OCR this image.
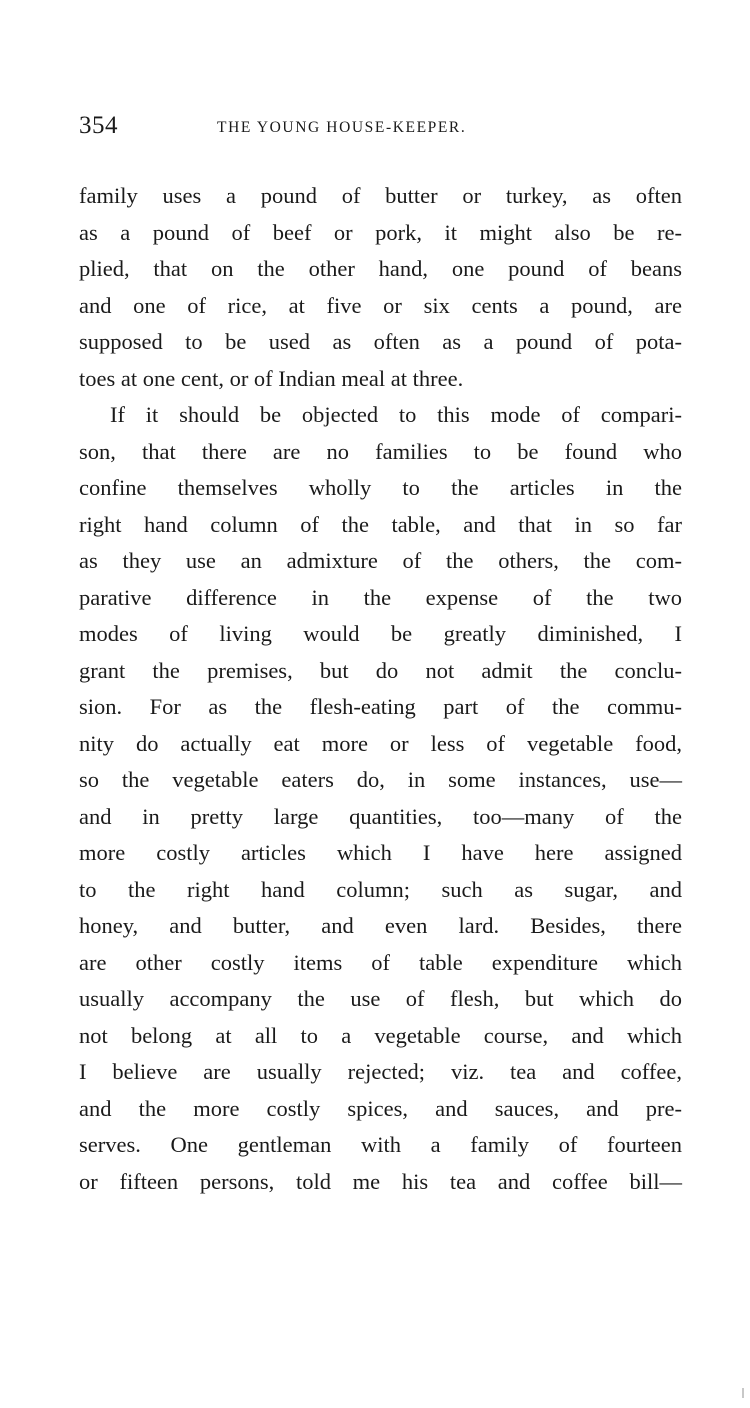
354	THE YOUNG HOUSE-KEEPER.
family uses a pound of butter or turkey, as often
as a pound of beef or pork, it might also be re-
plied, that on the other hand, one pound of beans
and one of rice, at five or six cents a pound, are
supposed to be used as often as a pound of pota-
toes at one cent, or of Indian meal at three.
If it should be objected to this mode of compari-
son, that there are no families to be found who
confine themselves wholly to the articles in the
right hand column of the table, and that in so far
as they use an admixture of the others, the com-
parative difference in the expense of the two
modes of living would be greatly diminished, I
grant the premises, but do not admit the conclu-
sion. For as the flesh-eating part of the commu-
nity do actually eat more or less of vegetable food,
so the vegetable eaters do, in some instances, use—
and in pretty large quantities, too—many of the
more costly articles which I have here assigned
to the right hand column; such as sugar, and
honey, and butter, and even lard. Besides, there
are other costly items of table expenditure which
usually accompany the use of flesh, but which do
not belong at all to a vegetable course, and which
I believe are usually rejected; viz. tea and coffee,
and the more costly spices, and sauces, and pre-
serves. One gentleman with a family of fourteen
or fifteen persons, told me his tea and coffee bill—
